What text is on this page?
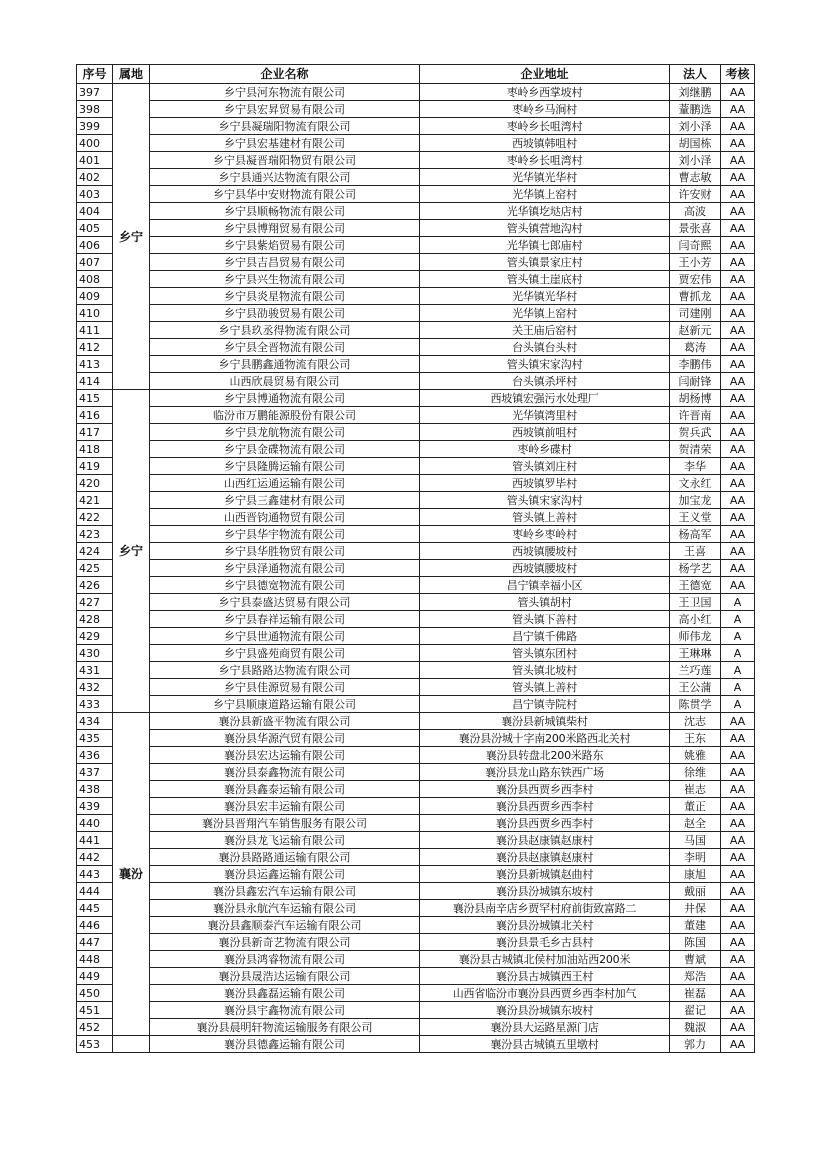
序号	属地	企业名称	企业地址	法人	考核
397	乡宁	乡宁县河东物流有限公司	枣岭乡西掌坡村	刘继鹏	AA
398		乡宁县宏昇贸易有限公司	枣岭乡马涧村	蕫鹏选	AA
399		乡宁县凝瑞阳物流有限公司	枣岭乡长咀湾村	刘小泽	AA
400		乡宁县宏基建材有限公司	西坡镇韩咀村	胡国栋	AA
401		乡宁县凝晋瑞阳物贸有限公司	枣岭乡长咀湾村	刘小泽	AA
402		乡宁县通兴达物流有限公司	光华镇光华村	曹志敏	AA
403		乡宁县华中安财物流有限公司	光华镇上窑村	许安财	AA
404		乡宁县顺畅物流有限公司	光华镇圪垯店村	高波	AA
405		乡宁县博翔贸易有限公司	管头镇营地沟村	景张喜	AA
406		乡宁县紫焰贸易有限公司	光华镇七郎庙村	闫奇熙	AA
407		乡宁县吉昌贸易有限公司	管头镇景家庄村	王小芳	AA
408		乡宁县兴生物流有限公司	管头镇土崖底村	贾宏伟	AA
409		乡宁县炎星物流有限公司	光华镇光华村	曹抓龙	AA
410		乡宁县劭骏贸易有限公司	光华镇上窑村	司建刚	AA
411		乡宁县玖丞得物流有限公司	关王庙后窑村	赵新元	AA
412		乡宁县全晋物流有限公司	台头镇台头村	葛涛	AA
413		乡宁县鹏鑫通物流有限公司	管头镇宋家沟村	李鹏伟	AA
414		山西欣晨贸易有限公司	台头镇杀坪村	闫耐锋	AA
415	乡宁	乡宁县博通物流有限公司	西坡镇宏强污水处理厂	胡杨博	AA
416		临汾市万鹏能源股份有限公司	光华镇湾里村	许晋南	AA
417		乡宁县龙航物流有限公司	西坡镇前咀村	贺兵武	AA
418		乡宁县金碟物流有限公司	枣岭乡碟村	贺清荣	AA
419		乡宁县隆腾运输有限公司	管头镇刘庄村	李华	AA
420		山西红运通运输有限公司	西坡镇罗毕村	文永红	AA
421		乡宁县三鑫建材有限公司	管头镇宋家沟村	加宝龙	AA
422		山西晋钧通物贸有限公司	管头镇上善村	王义堂	AA
423		乡宁县华宇物流有限公司	枣岭乡枣岭村	杨高军	AA
424		乡宁县华胜物贸有限公司	西坡镇腰坡村	王喜	AA
425		乡宁县泽通物流有限公司	西坡镇腰坡村	杨学艺	AA
426		乡宁县德宽物流有限公司	昌宁镇幸福小区	王德宽	AA
427		乡宁县泰盛达贸易有限公司	管头镇胡村	王卫国	A
428		乡宁县春祥运输有限公司	管头镇下善村	高小红	A
429		乡宁县世通物流有限公司	昌宁镇千佛路	师伟龙	A
430		乡宁县盛苑商贸有限公司	管头镇东团村	王琳琳	A
431		乡宁县路路达物流有限公司	管头镇北坡村	兰巧莲	A
432		乡宁县佳源贸易有限公司	管头镇上善村	王公蒲	A
433		乡宁县顺康道路运输有限公司	昌宁镇寺院村	陈贯学	A
434	襄汾	襄汾县新盛平物流有限公司	襄汾县新城镇柴村	沈志	AA
435		襄汾县华源汽贸有限公司	襄汾县汾城十字南200米路西北关村	王东	AA
436		襄汾县宏达运输有限公司	襄汾县转盘北200米路东	姚雅	AA
437		襄汾县泰鑫物流有限公司	襄汾县龙山路东铁西广场	徐维	AA
438		襄汾县鑫泰运输有限公司	襄汾县西贾乡西李村	崔志	AA
439		襄汾县宏丰运输有限公司	襄汾县西贾乡西李村	董正	AA
440		襄汾县晋翔汽车销售服务有限公司	襄汾县西贾乡西李村	赵全	AA
441		襄汾县龙飞运输有限公司	襄汾县赵康镇赵康村	马国	AA
442		襄汾县路路通运输有限公司	襄汾县赵康镇赵康村	李明	AA
443		襄汾县运鑫运输有限公司	襄汾县新城镇赵曲村	康旭	AA
444		襄汾县鑫宏汽车运输有限公司	襄汾县汾城镇东坡村	戴丽	AA
445		襄汾县永航汽车运输有限公司	襄汾县南辛店乡贾罕村府前街致富路二	井保	AA
446		襄汾县鑫顺泰汽车运输有限公司	襄汾县汾城镇北关村	董建	AA
447		襄汾县新奇艺物流有限公司	襄汾县景毛乡古县村	陈国	AA
448		襄汾县鸿睿物流有限公司	襄汾县古城镇北侯村加油站西200米	曹斌	AA
449		襄汾县晟浩达运输有限公司	襄汾县古城镇西王村	郑浩	AA
450		襄汾县鑫磊运输有限公司	山西省临汾市襄汾县西贾乡西李村加气	崔磊	AA
451		襄汾县宇鑫物流有限公司	襄汾县汾城镇东坡村	翟记	AA
452		襄汾县晨明轩物流运输服务有限公司	襄汾县大运路星源门店	魏淑	AA
453		襄汾县德鑫运输有限公司	襄汾县古城镇五里墩村	郭力	AA
